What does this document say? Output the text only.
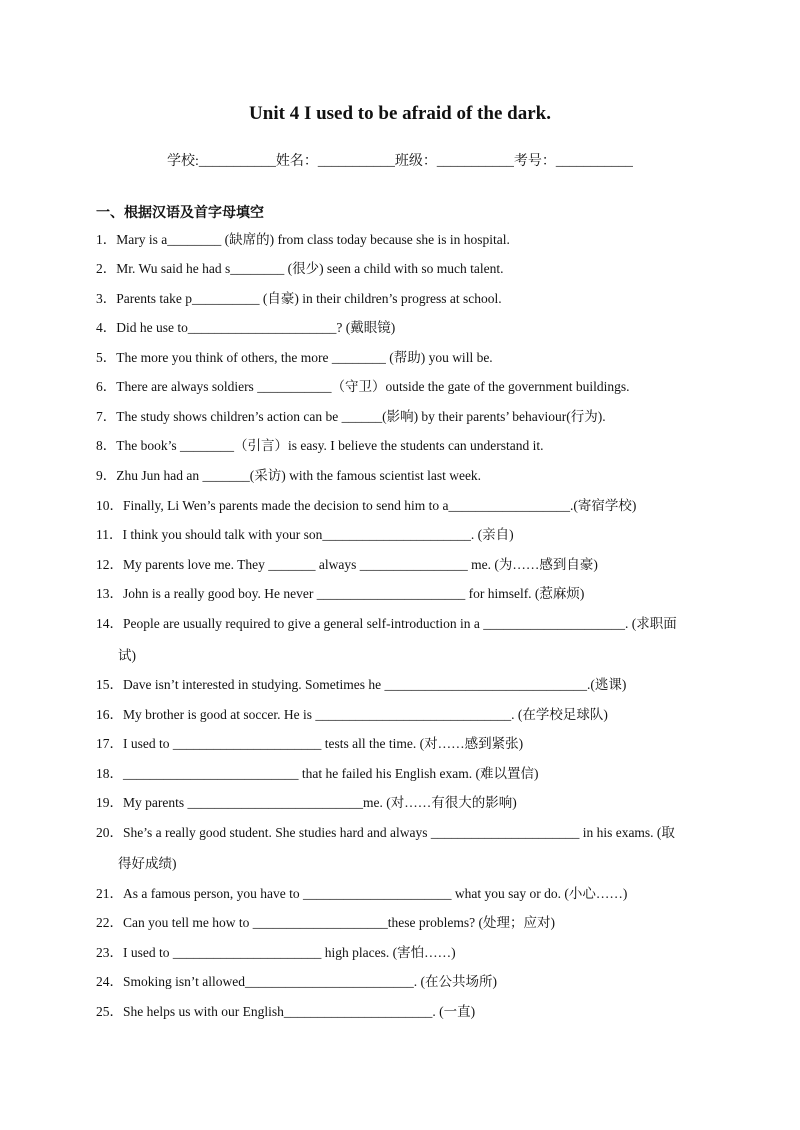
Unit 4 I used to be afraid of the dark.
学校:___________姓名：___________班级：___________考号：___________
一、根据汉语及首字母填空
1．Mary is a________ (缺席的) from class today because she is in hospital.
2．Mr. Wu said he had s________ (很少) seen a child with so much talent.
3．Parents take p__________ (自豪) in their children’s progress at school.
4．Did he use to______________________? (戴眼镜)
5．The more you think of others, the more ________ (帮助) you will be.
6．There are always soldiers ___________（守卫）outside the gate of the government buildings.
7．The study shows children’s action can be ______(影响) by their parents’ behaviour(行为).
8．The book’s ________（引言）is easy. I believe the students can understand it.
9．Zhu Jun had an _______(采访) with the famous scientist last week.
10．Finally, Li Wen’s parents made the decision to send him to a__________________.(寄宿学校)
11．I think you should talk with your son______________________. (亲自)
12．My parents love me. They _______ always ________________ me. (为……感到自豪)
13．John is a really good boy. He never ______________________ for himself. (惹麻烦)
14．People are usually required to give a general self-introduction in a _____________________. (求职面
试)
15．Dave isn’t interested in studying. Sometimes he ______________________________.(逃课)
16．My brother is good at soccer. He is _____________________________. (在学校足球队)
17．I used to ______________________ tests all the time. (对……感到紧张)
18．__________________________ that he failed his English exam. (难以置信)
19．My parents __________________________me. (对……有很大的影响)
20．She’s a really good student. She studies hard and always ______________________ in his exams. (取
得好成绩)
21．As a famous person, you have to ______________________ what you say or do. (小心……)
22．Can you tell me how to ____________________these problems? (处理；应对)
23．I used to ______________________ high places. (害怕……)
24．Smoking isn’t allowed_________________________. (在公共场所)
25．She helps us with our English______________________. (一直)
